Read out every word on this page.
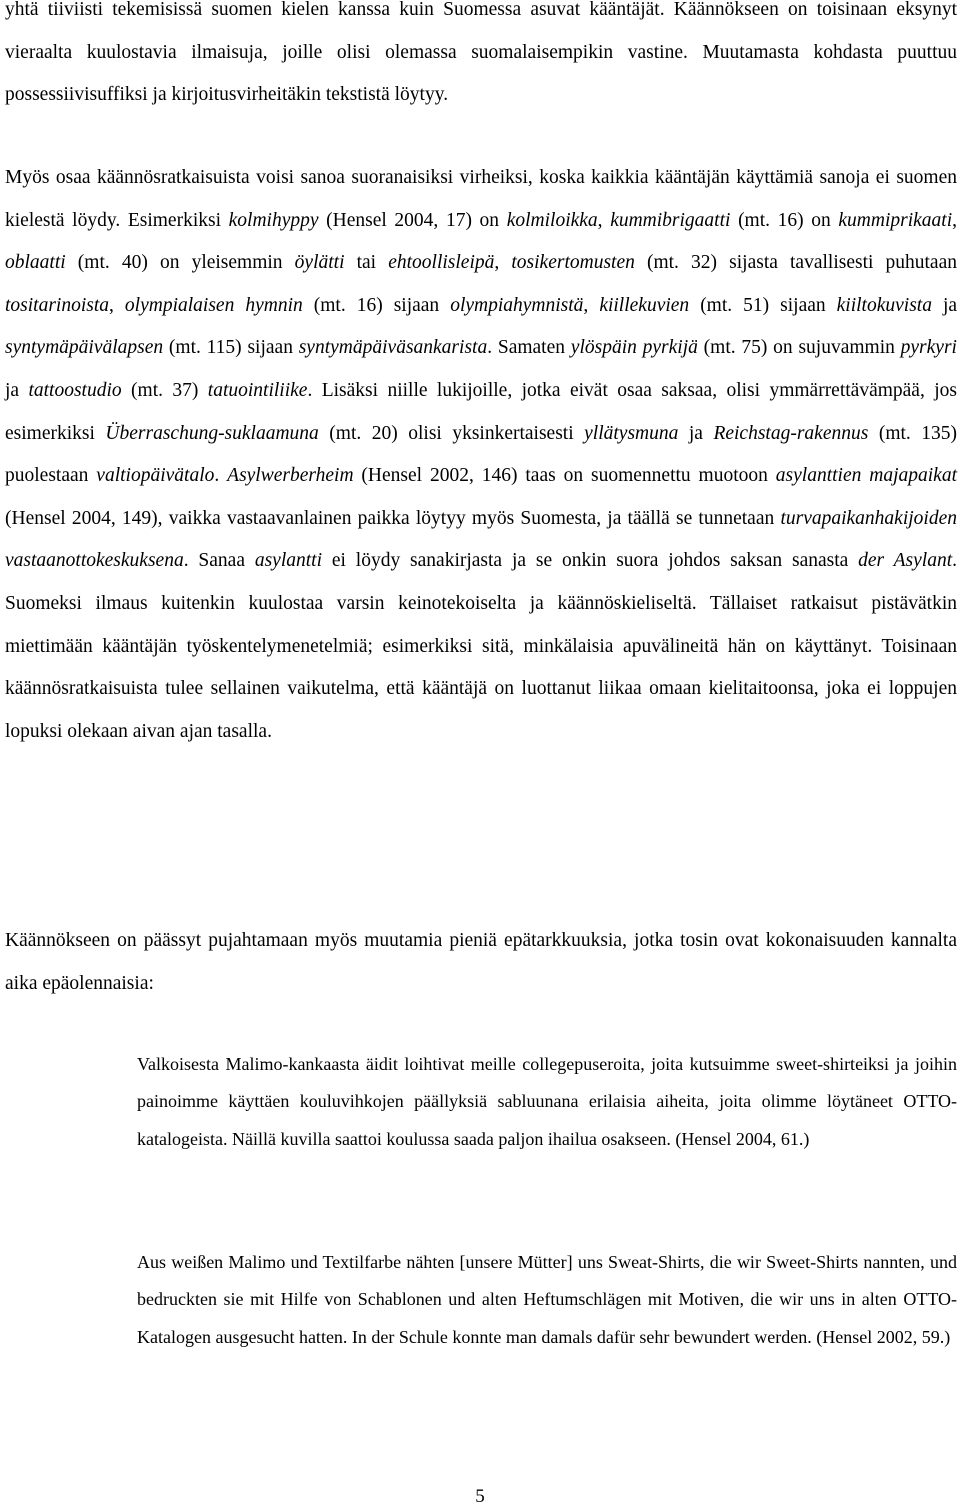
yhtä tiiviisti tekemisissä suomen kielen kanssa kuin Suomessa asuvat kääntäjät. Käännökseen on toisinaan eksynyt vieraalta kuulostavia ilmaisuja, joille olisi olemassa suomalaisempikin vastine. Muutamasta kohdasta puuttuu possessiivisuffiksi ja kirjoitusvirheitäkin tekstistä löytyy.

Myös osaa käännösratkaisuista voisi sanoa suoranaisiksi virheiksi, koska kaikkia kääntäjän käyttämiä sanoja ei suomen kielestä löydy. Esimerkiksi kolmihyppy (Hensel 2004, 17) on kolmiloikka, kummibrigaatti (mt. 16) on kummiprikaati, oblaatti (mt. 40) on yleisemmin öylätti tai ehtoollisleipä, tosikertomusten (mt. 32) sijasta tavallisesti puhutaan tositarinoista, olympialaisen hymnin (mt. 16) sijaan olympiahymnistä, kiillekuvien (mt. 51) sijaan kiiltokuvista ja syntymäpäivälapsen (mt. 115) sijaan syntymäpäiväsankarista. Samaten ylöspäin pyrkijä (mt. 75) on sujuvammin pyrkyri ja tattoostudio (mt. 37) tatuointiliike. Lisäksi niille lukijoille, jotka eivät osaa saksaa, olisi ymmärrettävämpää, jos esimerkiksi Überraschung-suklaamuna (mt. 20) olisi yksinkertaisesti yllätysmuna ja Reichstag-rakennus (mt. 135) puolestaan valtiopäivätalo. Asylwerberheim (Hensel 2002, 146) taas on suomennettu muotoon asylanttien majapaikat (Hensel 2004, 149), vaikka vastaavanlainen paikka löytyy myös Suomesta, ja täällä se tunnetaan turvapaikanhakijoiden vastaanottokeskuksena. Sanaa asylantti ei löydy sanakirjasta ja se onkin suora johdos saksan sanasta der Asylant. Suomeksi ilmaus kuitenkin kuulostaa varsin keinotekoiselta ja käännöskieliseltä. Tällaiset ratkaisut pistävätkin miettimään kääntäjän työskentelymenetelmiä; esimerkiksi sitä, minkälaisia apuvälineitä hän on käyttänyt. Toisinaan käännösratkaisuista tulee sellainen vaikutelma, että kääntäjä on luottanut liikaa omaan kielitaitoonsa, joka ei loppujen lopuksi olekaan aivan ajan tasalla.

Käännökseen on päässyt pujahtamaan myös muutamia pieniä epätarkkuuksia, jotka tosin ovat kokonaisuuden kannalta aika epäolennaisia:

Valkoisesta Malimo-kankaasta äidit loihtivat meille collegepuseroita, joita kutsuimme sweet-shirteiksi ja joihin painoimme käyttäen kouluvihkojen päällyksiä sabluunana erilaisia aiheita, joita olimme löytäneet OTTO-katalogeista. Näillä kuvilla saattoi koulussa saada paljon ihailua osakseen. (Hensel 2004, 61.)

Aus weißen Malimo und Textilfarbe nähten [unsere Mütter] uns Sweat-Shirts, die wir Sweet-Shirts nannten, und bedruckten sie mit Hilfe von Schablonen und alten Heftumschlägen mit Motiven, die wir uns in alten OTTO-Katalogen ausgesucht hatten. In der Schule konnte man damals dafür sehr bewundert werden. (Hensel 2002, 59.)

5
